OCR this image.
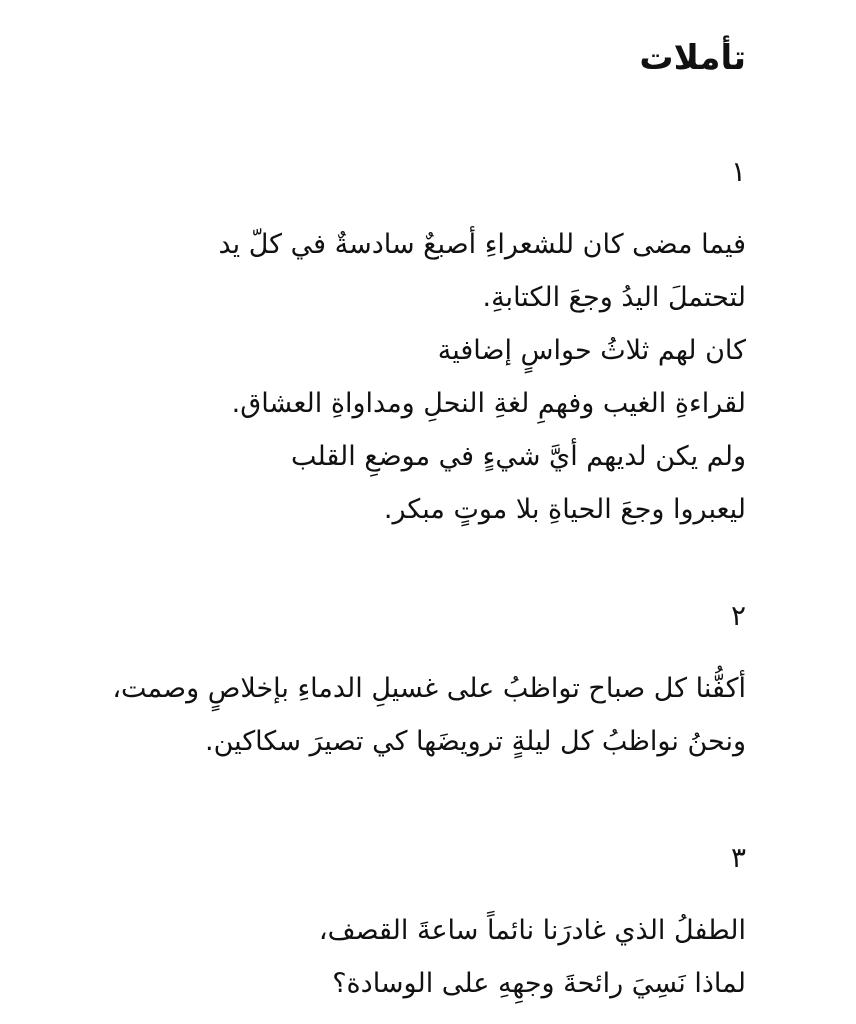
تأملات
١
فيما مضى كان للشعراءِ أصبعٌ سادسةٌ في كلّ يد
لتحتملَ اليدُ وجعَ الكتابةِ.
كان لهم ثلاثُ حواسٍ إضافية
لقراءةِ الغيب وفهمِ لغةِ النحلِ ومداواةِ العشاق.
ولم يكن لديهم أيَّ شيءٍ في موضعِ القلب
ليعبروا وجعَ الحياةِ بلا موتٍ مبكر.
٢
أكفُّنا كل صباح تواظبُ على غسيلِ الدماءِ بإخلاصٍ وصمت،
ونحنُ نواظبُ كل ليلةٍ ترويضَها كي تصيرَ سكاكين.
٣
الطفلُ الذي غادرَنا نائماً ساعةَ القصف،
لماذا نَسِيَ رائحةَ وجهِهِ على الوسادة؟
